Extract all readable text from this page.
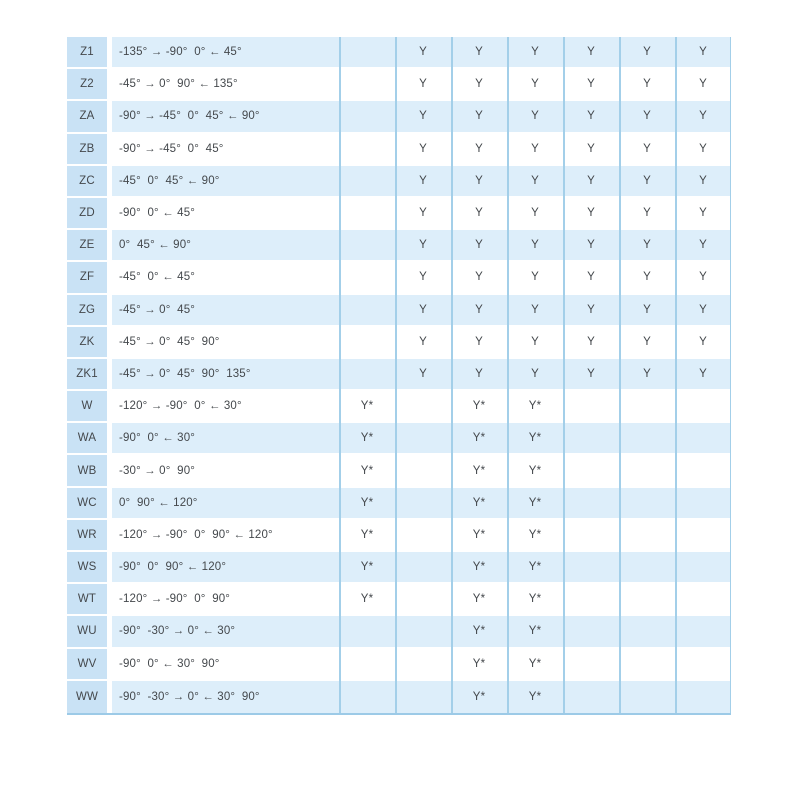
Z1	-135° → -90°  0° ← 45°		Y	Y	Y	Y	Y	Y
Z2	-45° → 0°  90° ← 135°		Y	Y	Y	Y	Y	Y
ZA	-90° → -45°  0°  45° ← 90°		Y	Y	Y	Y	Y	Y
ZB	-90° → -45°  0°  45°		Y	Y	Y	Y	Y	Y
ZC	-45°  0°  45° ← 90°		Y	Y	Y	Y	Y	Y
ZD	-90°  0° ← 45°		Y	Y	Y	Y	Y	Y
ZE	0°  45° ← 90°		Y	Y	Y	Y	Y	Y
ZF	-45°  0° ← 45°		Y	Y	Y	Y	Y	Y
ZG	-45° → 0°  45°		Y	Y	Y	Y	Y	Y
ZK	-45° → 0°  45°  90°		Y	Y	Y	Y	Y	Y
ZK1	-45° → 0°  45°  90°  135°		Y	Y	Y	Y	Y	Y
W	-120° → -90°  0° ← 30°	Y*		Y*	Y*			
WA	-90°  0° ← 30°	Y*		Y*	Y*			
WB	-30° → 0°  90°	Y*		Y*	Y*			
WC	0°  90° ← 120°	Y*		Y*	Y*			
WR	-120° → -90°  0°  90° ← 120°	Y*		Y*	Y*			
WS	-90°  0°  90° ← 120°	Y*		Y*	Y*			
WT	-120° → -90°  0°  90°	Y*		Y*	Y*			
WU	-90°  -30° → 0° ← 30°			Y*	Y*			
WV	-90°  0° ← 30°  90°			Y*	Y*			
WW	-90°  -30° → 0° ← 30°  90°			Y*	Y*			
